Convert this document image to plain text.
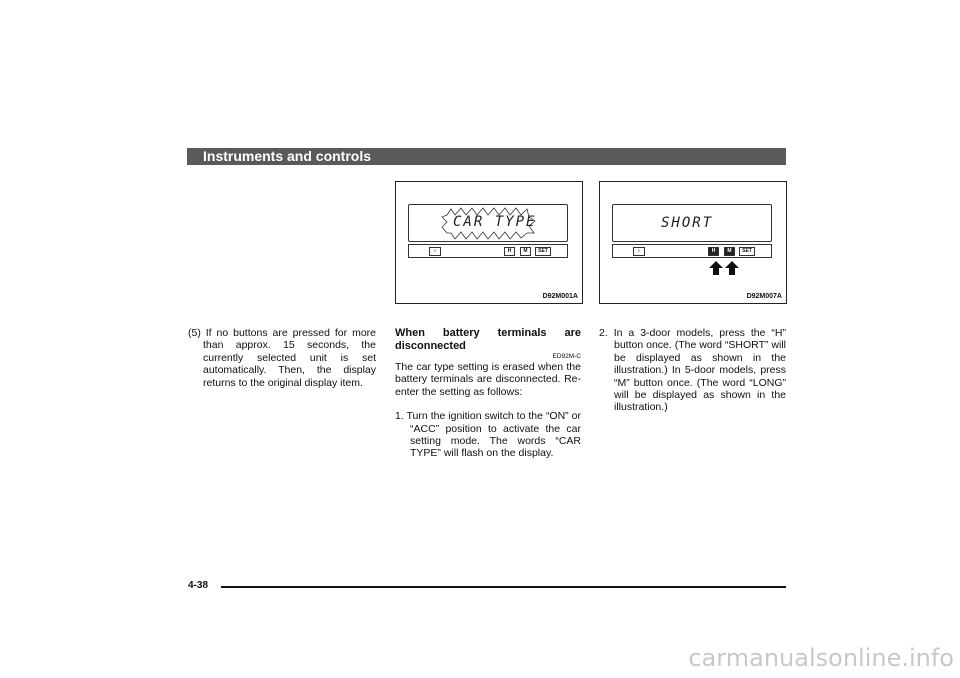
Instruments and controls
CAR TYPE
‹	H	M	SET
D92M001A
SHORT
‹	H	M	SET
D92M007A
(5) If no buttons are pressed for more than approx. 15 seconds, the currently selected unit is set automatically. Then, the display returns to the original display item.
When battery terminals are disconnected
ED92M-C
The car type setting is erased when the battery terminals are disconnected. Re-enter the setting as follows:
1. Turn the ignition switch to the “ON” or “ACC” position to activate the car setting mode. The words “CAR TYPE” will flash on the display.
2. In a 3-door models, press the “H” button once. (The word “SHORT” will be displayed as shown in the illustration.) In 5-door models, press “M” button once. (The word “LONG” will be displayed as shown in the illustration.)
4-38
carmanualsonline.info
